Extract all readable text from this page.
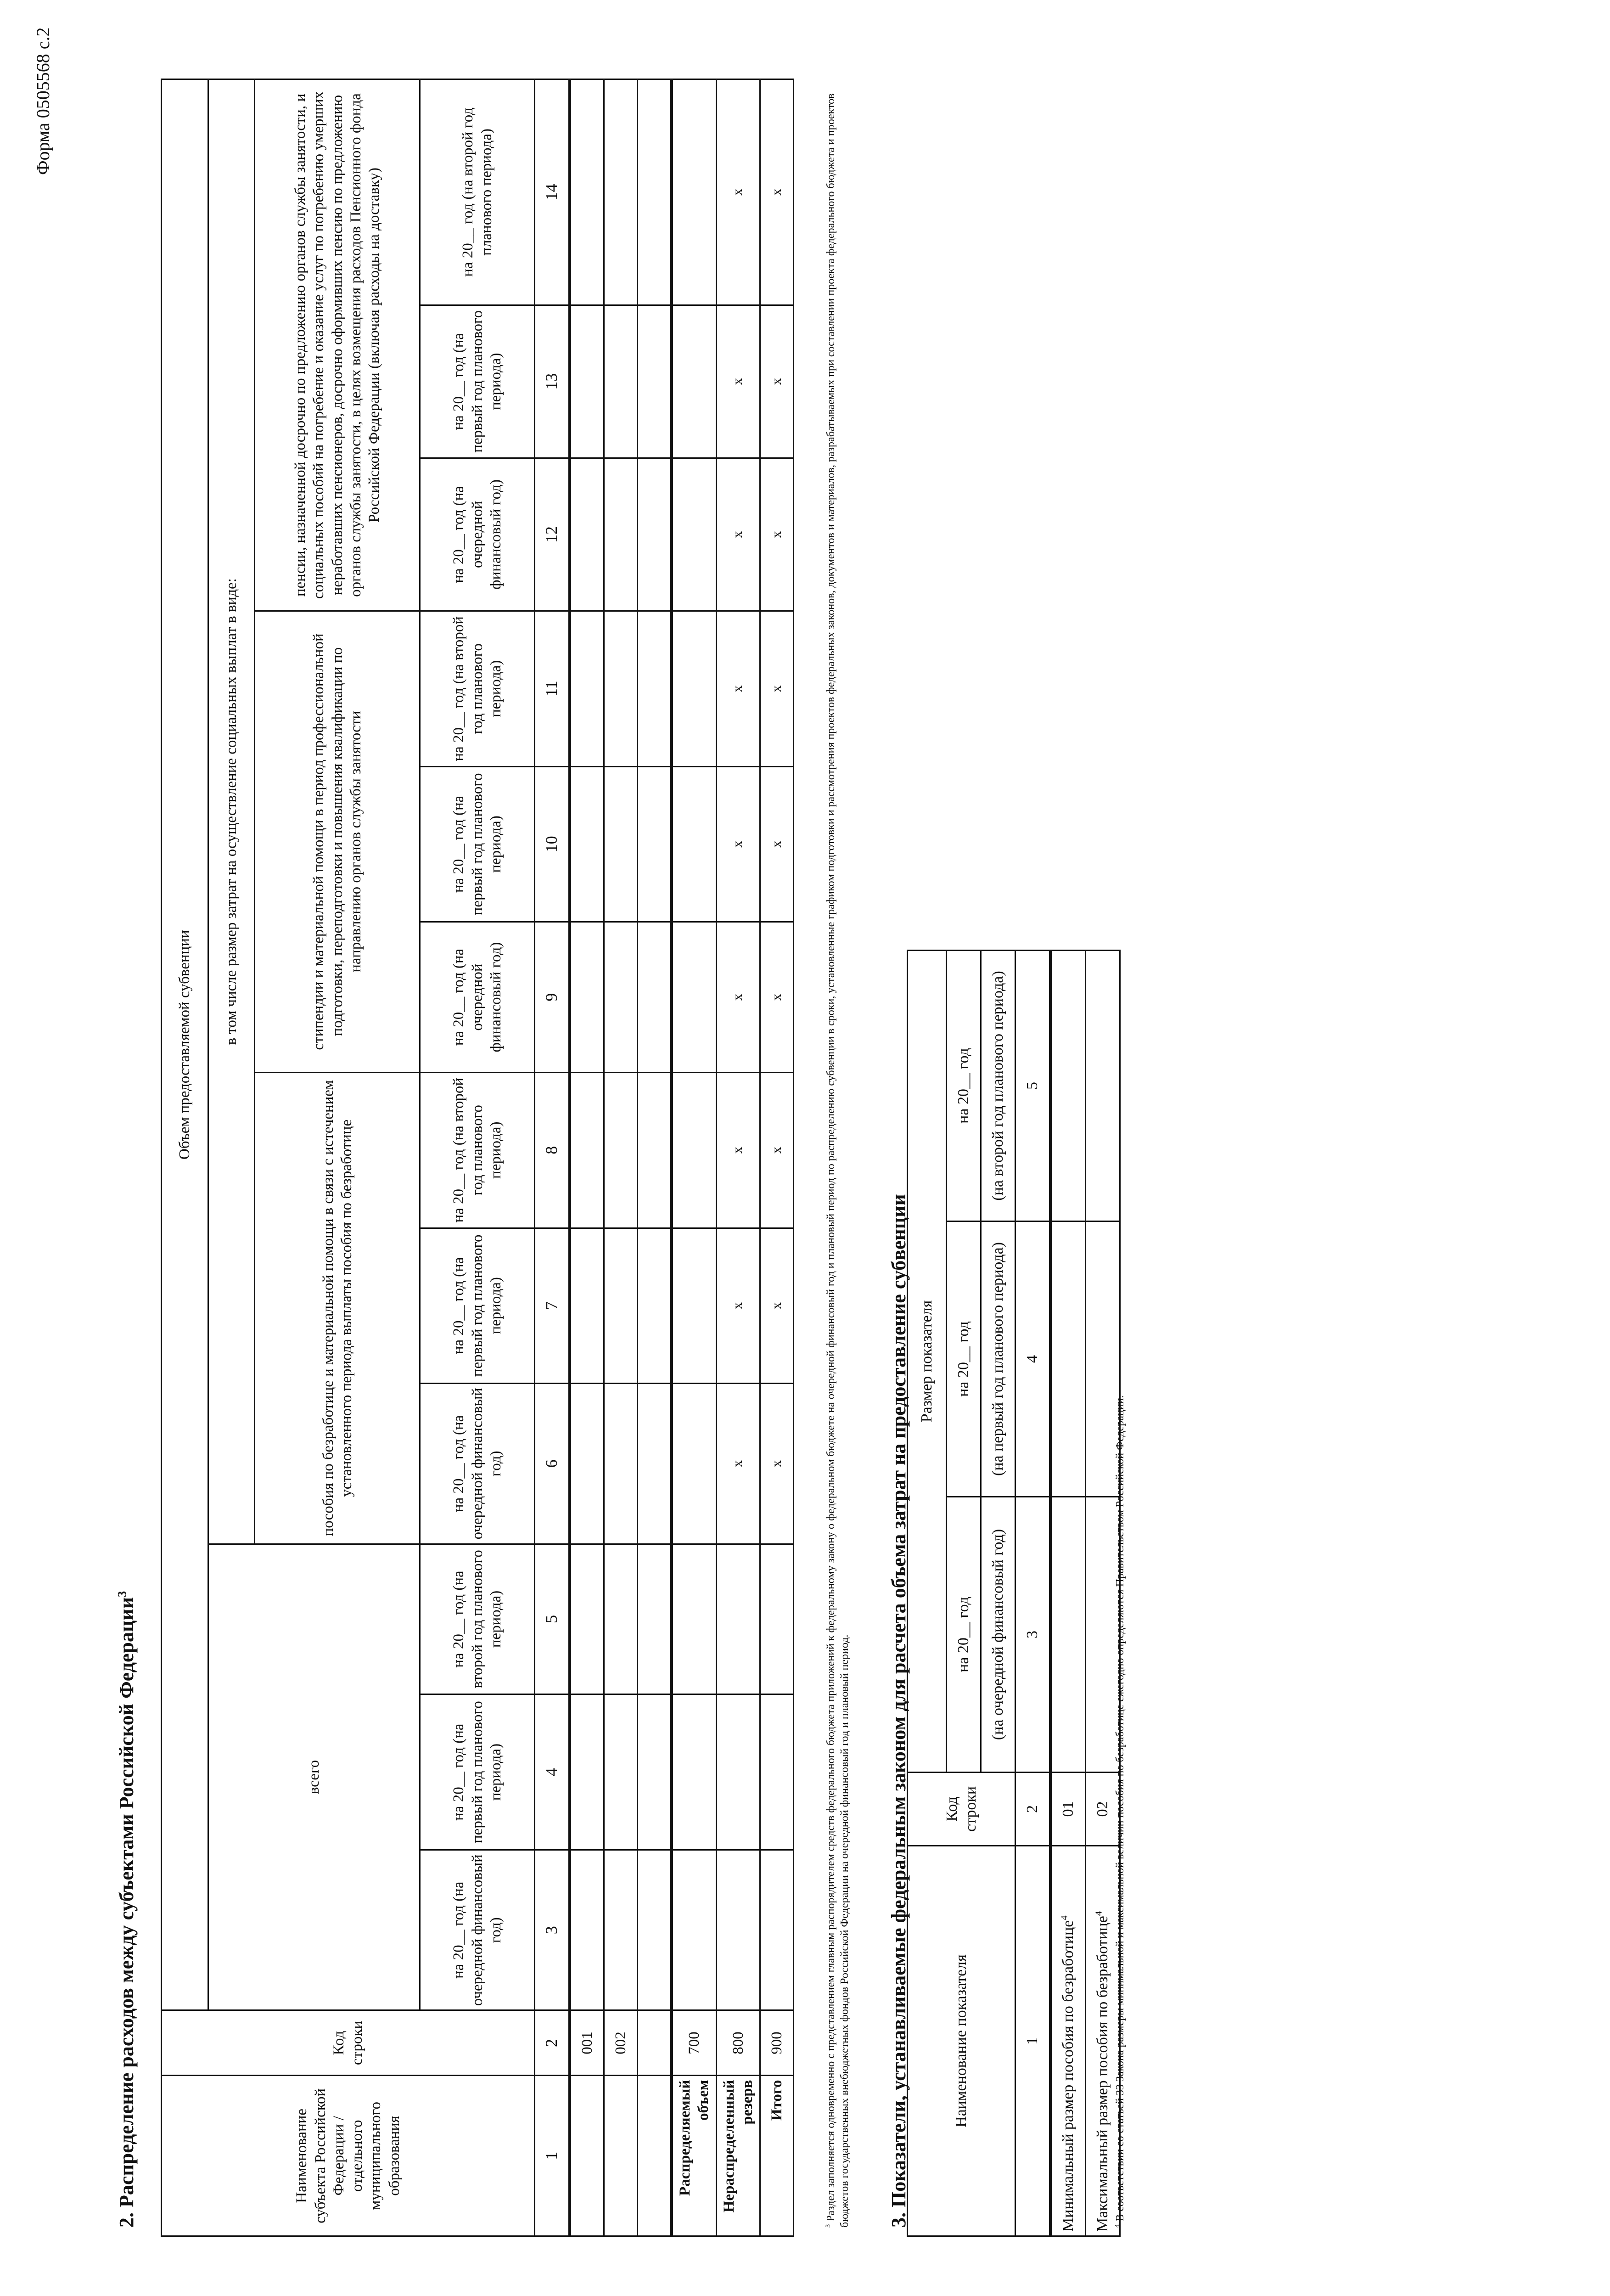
Форма 0505568 с.2
2. Распределение расходов между субъектами Российской Федерации$^3$
Наименование субъекта Российской Федерации / отдельного муниципального образования	Код строки	Объем предоставляемой субвенции											
		всего			в том числе размер затрат на осуществление социальных выплат в виде:								
					пособия по безработице и материальной помощи в связи с истечением установленного периода выплаты пособия по безработице			стипендии и материальной помощи в период профессиональной подготовки, переподготовки и повышения квалификации по направлению органов службы занятости			пенсии, назначенной досрочно по предложению органов службы занятости, и социальных пособий на погребение и оказание услуг по погребению умерших неработавших пенсионеров, досрочно оформивших пенсию по предложению органов службы занятости, в целях возмещения расходов Пенсионного фонда Российской Федерации (включая расходы на доставку)		
		на 20__ год (на очередной финансовый год)	на 20__ год (на первый год планового периода)	на 20__ год (на второй год планового периода)	на 20__ год (на очередной финансовый год)	на 20__ год (на первый год планового периода)	на 20__ год (на второй год планового периода)	на 20__ год (на очередной финансовый год)	на 20__ год (на первый год планового периода)	на 20__ год (на второй год планового периода)	на 20__ год (на очередной финансовый год)	на 20__ год (на первый год планового периода)	на 20__ год (на второй год планового периода)
1	2	3	4	5	6	7	8	9	10	11	12	13	14
	001												
	002												

Распределяемый объем	700												
Нераспределенный резерв	800				x	x	x	x	x	x	x	x	x
Итого	900				x	x	x	x	x	x	x	x	x
$^3$ Раздел заполняется одновременно с представлением главным распорядителем средств федерального бюджета приложений к федеральному закону о федеральном бюджете на очередной финансовый год и плановый период по распределению субвенции в сроки, установленные графиком подготовки и рассмотрения проектов федеральных законов, документов и материалов, разрабатываемых при составлении проекта федерального бюджета и проектов бюджетов государственных внебюджетных фондов Российской Федерации на очередной финансовый год и плановый период. 3. Показатели, устанавливаемые федеральным законом для расчета объема затрат на предоставление субвенции	Наименование показателя	Код строки	Размер показателя		
		на 20__ год	на 20__ год	на 20__ год
		(на очередной финансовый год)	(на первый год планового периода)	(на второй год планового периода)
1	2	3	4	5
Минимальный размер пособия по безработице$^4$	01			
Максимальный размер пособия по безработице$^4$	02			
$^4$ В соответствии со статьей 33 Закона размеры минимальной и максимальной величин пособия по безработице ежегодно определяются Правительством Российской Федерации.
